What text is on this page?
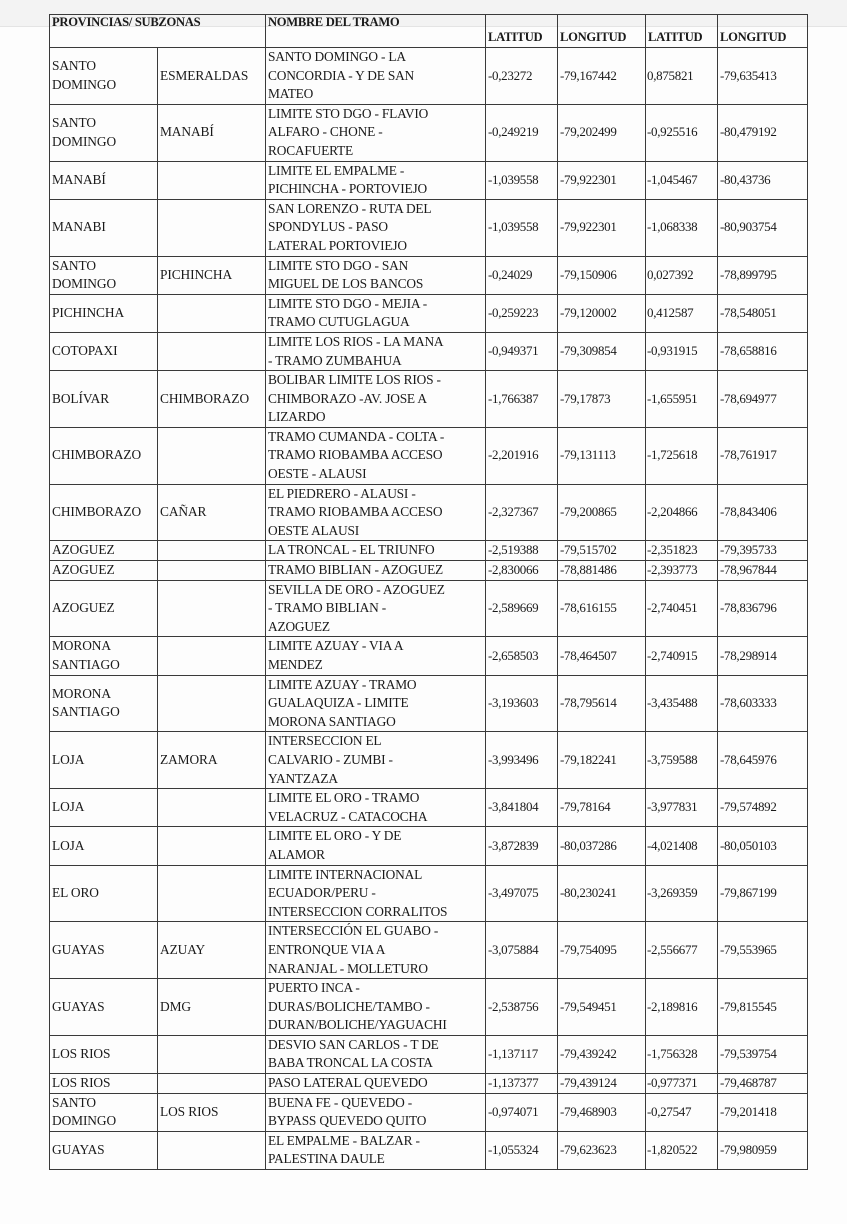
PROVINCIAS/ SUBZONAS		NOMBRE DEL TRAMO	LATITUD	LONGITUD	LATITUD	LONGITUD

SANTO
DOMINGO	ESMERALDAS	SANTO DOMINGO - LA
CONCORDIA - Y DE SAN
MATEO	-0,23272	-79,167442	0,875821	-79,635413

SANTO
DOMINGO	MANABÍ	LIMITE STO DGO - FLAVIO
ALFARO - CHONE -
ROCAFUERTE	-0,249219	-79,202499	-0,925516	-80,479192

MANABÍ		LIMITE EL EMPALME -
PICHINCHA - PORTOVIEJO	-1,039558	-79,922301	-1,045467	-80,43736

MANABI		SAN LORENZO - RUTA DEL
SPONDYLUS - PASO
LATERAL PORTOVIEJO	-1,039558	-79,922301	-1,068338	-80,903754

SANTO
DOMINGO	PICHINCHA	LIMITE STO DGO - SAN
MIGUEL DE LOS BANCOS	-0,24029	-79,150906	0,027392	-78,899795

PICHINCHA		LIMITE STO DGO - MEJIA -
TRAMO CUTUGLAGUA	-0,259223	-79,120002	0,412587	-78,548051

COTOPAXI		LIMITE LOS RIOS - LA MANA
- TRAMO ZUMBAHUA	-0,949371	-79,309854	-0,931915	-78,658816

BOLÍVAR	CHIMBORAZO	BOLIBAR LIMITE LOS RIOS -
CHIMBORAZO -AV. JOSE A
LIZARDO	-1,766387	-79,17873	-1,655951	-78,694977

CHIMBORAZO		TRAMO CUMANDA - COLTA -
TRAMO RIOBAMBA ACCESO
OESTE - ALAUSI	-2,201916	-79,131113	-1,725618	-78,761917

CHIMBORAZO	CAÑAR	EL PIEDRERO - ALAUSI -
TRAMO RIOBAMBA ACCESO
OESTE ALAUSI	-2,327367	-79,200865	-2,204866	-78,843406

AZOGUEZ		LA TRONCAL - EL TRIUNFO	-2,519388	-79,515702	-2,351823	-79,395733

AZOGUEZ		TRAMO BIBLIAN - AZOGUEZ	-2,830066	-78,881486	-2,393773	-78,967844

AZOGUEZ		SEVILLA DE ORO - AZOGUEZ
- TRAMO BIBLIAN -
AZOGUEZ	-2,589669	-78,616155	-2,740451	-78,836796

MORONA
SANTIAGO		LIMITE AZUAY - VIA A
MENDEZ	-2,658503	-78,464507	-2,740915	-78,298914

MORONA
SANTIAGO		LIMITE AZUAY - TRAMO
GUALAQUIZA - LIMITE
MORONA SANTIAGO	-3,193603	-78,795614	-3,435488	-78,603333

LOJA	ZAMORA	INTERSECCION EL
CALVARIO - ZUMBI -
YANTZAZA	-3,993496	-79,182241	-3,759588	-78,645976

LOJA		LIMITE EL ORO - TRAMO
VELACRUZ - CATACOCHA	-3,841804	-79,78164	-3,977831	-79,574892

LOJA		LIMITE EL ORO - Y DE
ALAMOR	-3,872839	-80,037286	-4,021408	-80,050103

EL ORO		LIMITE INTERNACIONAL
ECUADOR/PERU -
INTERSECCION CORRALITOS	-3,497075	-80,230241	-3,269359	-79,867199

GUAYAS	AZUAY	INTERSECCIÓN EL GUABO -
ENTRONQUE VIA A
NARANJAL - MOLLETURO	-3,075884	-79,754095	-2,556677	-79,553965

GUAYAS	DMG	PUERTO INCA -
DURAS/BOLICHE/TAMBO -
DURAN/BOLICHE/YAGUACHI	-2,538756	-79,549451	-2,189816	-79,815545

LOS RIOS		DESVIO SAN CARLOS - T DE
BABA TRONCAL LA COSTA	-1,137117	-79,439242	-1,756328	-79,539754

LOS RIOS		PASO LATERAL QUEVEDO	-1,137377	-79,439124	-0,977371	-79,468787

SANTO
DOMINGO	LOS RIOS	BUENA FE - QUEVEDO -
BYPASS QUEVEDO QUITO	-0,974071	-79,468903	-0,27547	-79,201418

GUAYAS		EL EMPALME - BALZAR -
PALESTINA DAULE	-1,055324	-79,623623	-1,820522	-79,980959
